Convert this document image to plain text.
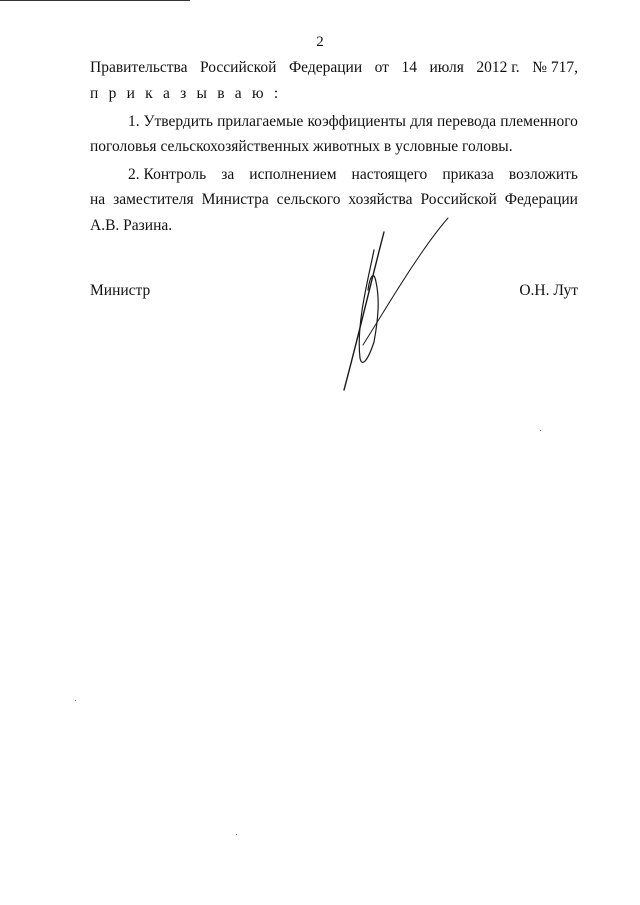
2
Правительства Российской Федерации от 14 июля 2012 г. № 717,
п р и к а з ы в а ю :
1. Утвердить прилагаемые коэффициенты для перевода племенного
поголовья сельскохозяйственных животных в условные головы.
2. Контроль за исполнением настоящего приказа возложить
на заместителя Министра сельского хозяйства Российской Федерации
А.В. Разина.
Министр	О.Н. Лут
